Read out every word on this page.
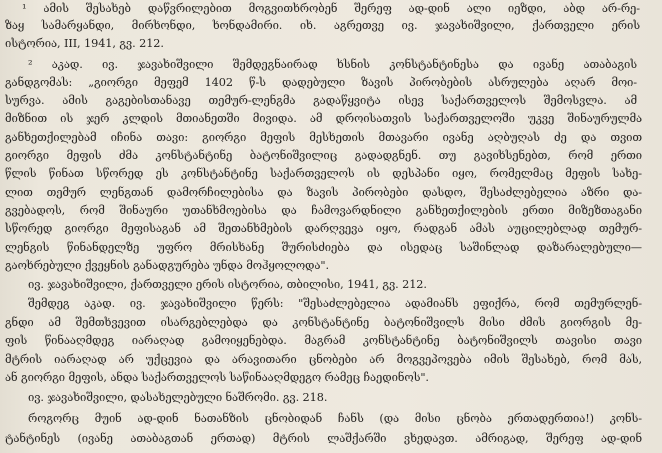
¹ ამის შესახებ დაწვრილებით მოგვითხრობენ შერეფ ად-დინ ალი იეზდი, აბდ არ-რე-
ზაყ სამარყანდი, მირხონდი, ხონდამირი. იხ. აგრეთვე ივ. ჯავახიშვილი, ქართველი ერის
ისტორია, III, 1941, გვ. 212.
² აკად. ივ. ჯავახიშვილი შემდეგნაირად ხსნის კონსტანტინესა და ივანე ათაბაგის
განდგომას: „გიორგი მეფემ 1402 წ-ს დადებული ზავის პირობების ასრულება აღარ მოი-
სურვა. ამის გაგებისთანავე თემურ-ლენგმა გადაწყვიტა ისევ საქართველოს შემოსვლა. ამ
მიზნით ის ჯერ კლდის მთიანეთში მივიდა. ამ დროისათვის საქართველოში უკვე შინაურულმა
განხეთქილებამ იჩინა თავი: გიორგი მეფის მესხეთის მთავარი ივანე აღბუღას ძე და თვით
გიორგი მეფის ძმა კონსტანტინე ბატონიშვილიც გადადგნენ. თუ გავიხსენებთ, რომ ერთი
წლის წინათ სწორედ ეს კონსტანტინე საქართველოს ის დესპანი იყო, რომელმაც მეფის სახე-
ლით თემურ ლენგთან დამორჩილებისა და ზავის პირობები დასდო, შესაძლებელია აზრი და-
გვებადოს, რომ შინაური უთანხმოებისა და ჩამოვარდნილი განხეთქილების ერთი მიზეზთაგანი
სწორედ გიორგი მეფისაგან ამ შეთანხმების დარღვევა იყო, რადგან ამას აუცილებლად თემურ-
ლენგის წინანდელზე უფრო მრისხანე შურისძიება და ისედაც საშინლად დაზარალებული—
გაოხრებული ქვეყნის განადგურება უნდა მოჰყოლოდა".
ივ. ჯავახიშვილი, ქართველი ერის ისტორია, თბილისი, 1941, გვ. 212.
შემდეგ აკად. ივ. ჯავახიშვილი წერს: "შესაძლებელია ადამიანს ეფიქრა, რომ თემურლენ-
გნდი ამ შემთხვევით ისარგებლებდა და კონსტანტინე ბატონიშვილს მისი ძმის გიორგის მე-
ფის წინააღმდეგ იარაღად გამოიყენებდა. მაგრამ კონსტანტინე ბატონიშვილს თავისი თავი
მტრის იარაღად არ უქცევია და არავითარი ცნობები არ მოგვეპოვება იმის შესახებ, რომ მას,
ან გიორგი მეფის, ანდა საქართველოს საწინააღმდეგო რამეც ჩაედინოს".
ივ. ჯავახიშვილი, დასახელებული ნაშრომი. გვ. 218.
როგორც მუინ ად-დინ ნათანზის ცნობიდან ჩანს (და მისი ცნობა ერთადერთია!) კონს-
ტანტინეს (ივანე ათაბაგთან ერთად) მტრის ლაშქარში ვხედავთ. ამრიგად, შერეფ ად-დინ
